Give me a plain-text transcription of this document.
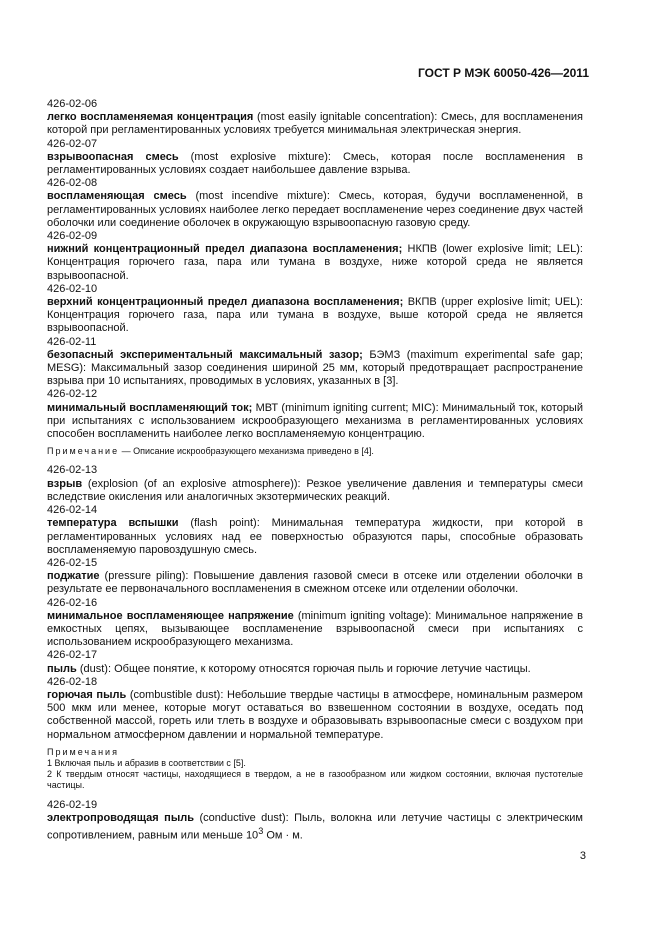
ГОСТ Р МЭК 60050-426—2011
426-02-06
легко воспламеняемая концентрация (most easily ignitable concentration): Смесь, для воспламенения которой при регламентированных условиях требуется минимальная электрическая энергия.
426-02-07
взрывоопасная смесь (most explosive mixture): Смесь, которая после воспламенения в регламентированных условиях создает наибольшее давление взрыва.
426-02-08
воспламеняющая смесь (most incendive mixture): Смесь, которая, будучи воспламененной, в регламентированных условиях наиболее легко передает воспламенение через соединение двух частей оболочки или соединение оболочек в окружающую взрывоопасную газовую среду.
426-02-09
нижний концентрационный предел диапазона воспламенения; НКПВ (lower explosive limit; LEL): Концентрация горючего газа, пара или тумана в воздухе, ниже которой среда не является взрывоопасной.
426-02-10
верхний концентрационный предел диапазона воспламенения; ВКПВ (upper explosive limit; UEL): Концентрация горючего газа, пара или тумана в воздухе, выше которой среда не является взрывоопасной.
426-02-11
безопасный экспериментальный максимальный зазор; БЭМЗ (maximum experimental safe gap; MESG): Максимальный зазор соединения шириной 25 мм, который предотвращает распространение взрыва при 10 испытаниях, проводимых в условиях, указанных в [3].
426-02-12
минимальный воспламеняющий ток; МВТ (minimum igniting current; MIC): Минимальный ток, который при испытаниях с использованием искрообразующего механизма в регламентированных условиях способен воспламенить наиболее легко воспламеняемую концентрацию.
Примечание — Описание искрообразующего механизма приведено в [4].
426-02-13
взрыв (explosion (of an explosive atmosphere)): Резкое увеличение давления и температуры смеси вследствие окисления или аналогичных экзотермических реакций.
426-02-14
температура вспышки (flash point): Минимальная температура жидкости, при которой в регламентированных условиях над ее поверхностью образуются пары, способные образовать воспламеняемую паровоздушную смесь.
426-02-15
поджатие (pressure piling): Повышение давления газовой смеси в отсеке или отделении оболочки в результате ее первоначального воспламенения в смежном отсеке или отделении оболочки.
426-02-16
минимальное воспламеняющее напряжение (minimum igniting voltage): Минимальное напряжение в емкостных цепях, вызывающее воспламенение взрывоопасной смеси при испытаниях с использованием искрообразующего механизма.
426-02-17
пыль (dust): Общее понятие, к которому относятся горючая пыль и горючие летучие частицы.
426-02-18
горючая пыль (combustible dust): Небольшие твердые частицы в атмосфере, номинальным размером 500 мкм или менее, которые могут оставаться во взвешенном состоянии в воздухе, оседать под собственной массой, гореть или тлеть в воздухе и образовывать взрывоопасные смеси с воздухом при нормальном атмосферном давлении и нормальной температуре.
Примечания
1 Включая пыль и абразив в соответствии с [5].
2 К твердым относят частицы, находящиеся в твердом, а не в газообразном или жидком состоянии, включая пустотелые частицы.
426-02-19
электропроводящая пыль (conductive dust): Пыль, волокна или летучие частицы с электрическим сопротивлением, равным или меньше $10^3$ Ом · м.
3
